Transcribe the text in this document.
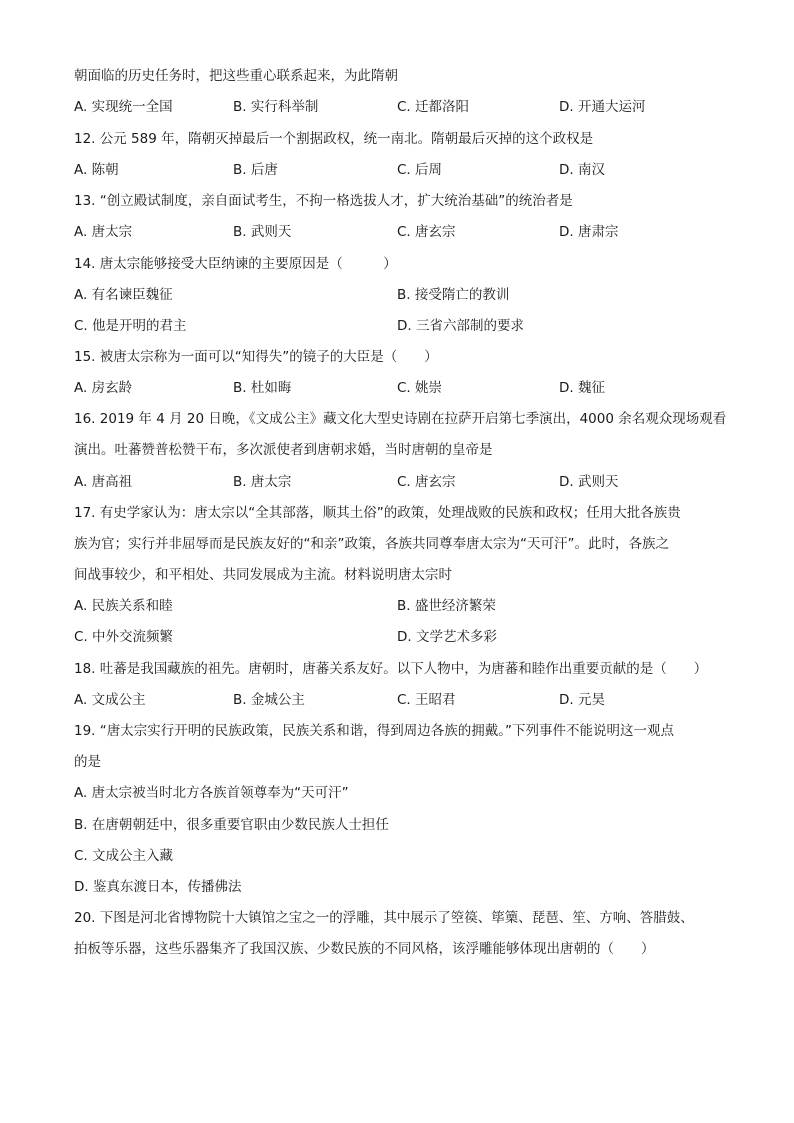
朝面临的历史任务时，把这些重心联系起来，为此隋朝
A. 实现统一全国	B. 实行科举制	C. 迁都洛阳	D. 开通大运河
12. 公元 589 年，隋朝灭掉最后一个割据政权，统一南北。隋朝最后灭掉的这个政权是
A. 陈朝	B. 后唐	C. 后周	D. 南汉
13. “创立殿试制度，亲自面试考生，不拘一格选拔人才，扩大统治基础”的统治者是
A. 唐太宗	B. 武则天	C. 唐玄宗	D. 唐肃宗
14. 唐太宗能够接受大臣纳谏的主要原因是（　　　）
A. 有名谏臣魏征	B. 接受隋亡的教训
C. 他是开明的君主	D. 三省六部制的要求
15. 被唐太宗称为一面可以“知得失”的镜子的大臣是（　　）
A. 房玄龄	B. 杜如晦	C. 姚崇	D. 魏征
16. 2019 年 4 月 20 日晚，《文成公主》藏文化大型史诗剧在拉萨开启第七季演出，4000 余名观众现场观看
演出。吐蕃赞普松赞干布，多次派使者到唐朝求婚，当时唐朝的皇帝是
A. 唐高祖	B. 唐太宗	C. 唐玄宗	D. 武则天
17. 有史学家认为：唐太宗以“全其部落，顺其土俗”的政策，处理战败的民族和政权；任用大批各族贵
族为官；实行并非屈辱而是民族友好的“和亲”政策，各族共同尊奉唐太宗为“天可汗”。此时，各族之
间战事较少，和平相处、共同发展成为主流。材料说明唐太宗时
A. 民族关系和睦	B. 盛世经济繁荣
C. 中外交流频繁	D. 文学艺术多彩
18. 吐蕃是我国藏族的祖先。唐朝时，唐蕃关系友好。以下人物中，为唐蕃和睦作出重要贡献的是（　　）
A. 文成公主	B. 金城公主	C. 王昭君	D. 元昊
19. “唐太宗实行开明的民族政策，民族关系和谐，得到周边各族的拥戴。”下列事件不能说明这一观点
的是
A. 唐太宗被当时北方各族首领尊奉为“天可汗”
B. 在唐朝朝廷中，很多重要官职由少数民族人士担任
C. 文成公主入藏
D. 鉴真东渡日本，传播佛法
20. 下图是河北省博物院十大镇馆之宝之一的浮雕，其中展示了箜篌、筚篥、琵琶、笙、方响、答腊鼓、
拍板等乐器，这些乐器集齐了我国汉族、少数民族的不同风格，该浮雕能够体现出唐朝的（　　）
